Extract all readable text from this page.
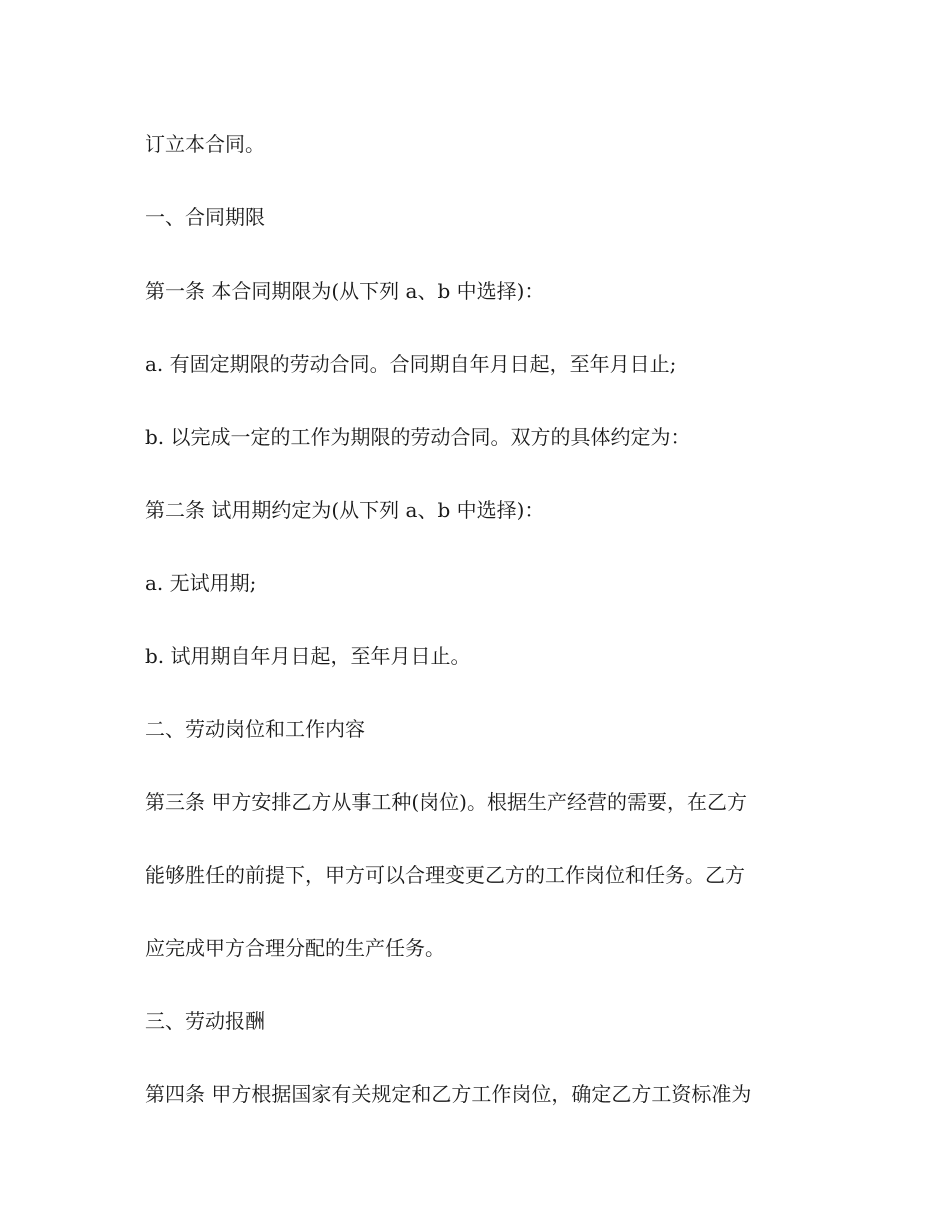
订立本合同。

一、合同期限

第一条 本合同期限为(从下列 a、b 中选择)：

a. 有固定期限的劳动合同。合同期自年月日起，至年月日止;

b. 以完成一定的工作为期限的劳动合同。双方的具体约定为：

第二条 试用期约定为(从下列 a、b 中选择)：

a. 无试用期;

b. 试用期自年月日起，至年月日止。

二、劳动岗位和工作内容

第三条 甲方安排乙方从事工种(岗位)。根据生产经营的需要，在乙方

能够胜任的前提下，甲方可以合理变更乙方的工作岗位和任务。乙方

应完成甲方合理分配的生产任务。

三、劳动报酬

第四条 甲方根据国家有关规定和乙方工作岗位，确定乙方工资标准为
